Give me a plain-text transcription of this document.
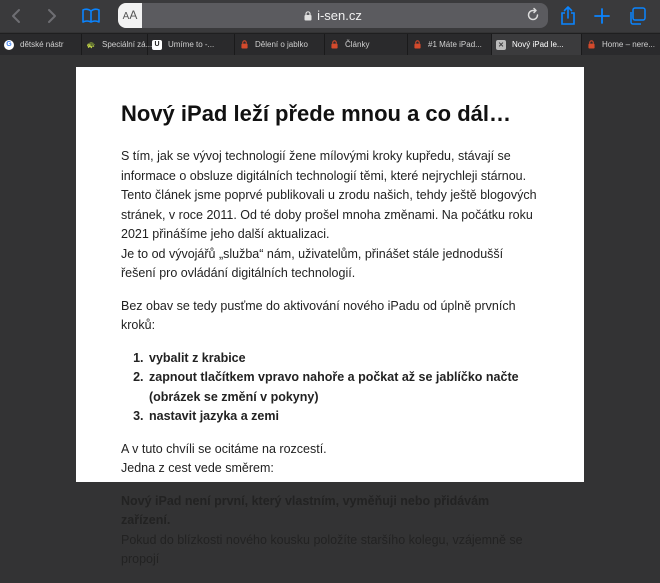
AA	i-sen.cz
G dětské nástr	🐢 Speciální zá... U	Umíme to -...	Dělení o jablko	Články	#1 Máte iPad... ✕ Nový iPad le...	Home – nere...
Nový iPad leží přede mnou a co dál…

S tím, jak se vývoj technologií žene mílovými kroky kupředu, stávají se informace o obsluze digitálních technologií těmi, které nejrychleji stárnou. Tento článek jsme poprvé publikovali u zrodu našich, tehdy ještě blogových stránek, v roce 2011. Od té doby prošel mnoha změnami. Na počátku roku 2021 přinášíme jeho další aktualizaci.
Je to od vývojářů „služba“ nám, uživatelům, přinášet stále jednodušší řešení pro ovládání digitálních technologií.

Bez obav se tedy pusťme do aktivování nového iPadu od úplně prvních kroků:

1. vybalit z krabice
2. zapnout tlačítkem vpravo nahoře a počkat až se jablíčko načte (obrázek se změní v pokyny)
3. nastavit jazyka a zemi

A v tuto chvíli se ocitáme na rozcestí.
Jedna z cest vede směrem:

Nový iPad není první, který vlastním, vyměňuji nebo přidávám zařízení.

Pokud do blízkosti nového kousku položíte staršího kolegu, vzájemně se propojí
